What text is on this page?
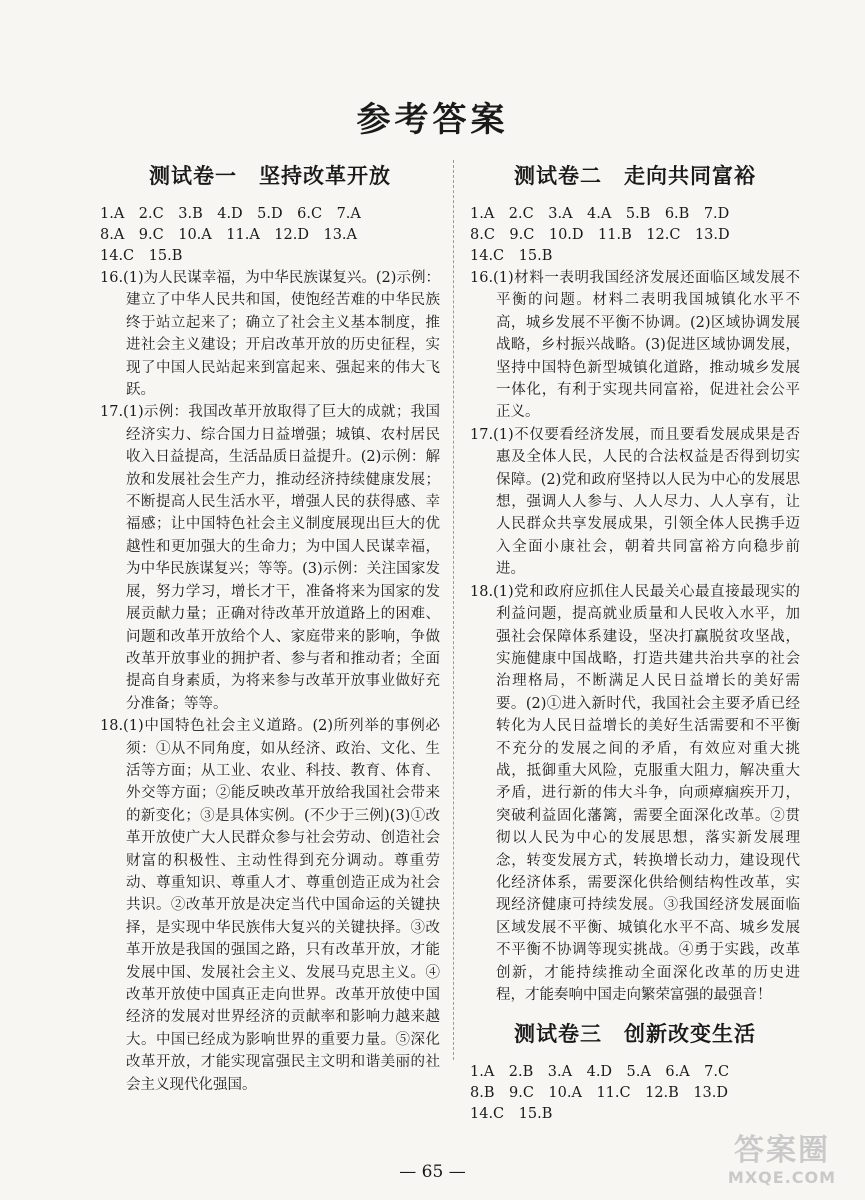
参考答案
测试卷一　坚持改革开放
1.A　2.C　3.B　4.D　5.D　6.C　7.A
8.A　9.C　10.A　11.A　12.D　13.A
14.C　15.B

16.(1)为人民谋幸福，为中华民族谋复兴。(2)示例：建立了中华人民共和国，使饱经苦难的中华民族终于站立起来了；确立了社会主义基本制度，推进社会主义建设；开启改革开放的历史征程，实现了中国人民站起来到富起来、强起来的伟大飞跃。

17.(1)示例：我国改革开放取得了巨大的成就；我国经济实力、综合国力日益增强；城镇、农村居民收入日益提高，生活品质日益提升。(2)示例：解放和发展社会生产力，推动经济持续健康发展；不断提高人民生活水平，增强人民的获得感、幸福感；让中国特色社会主义制度展现出巨大的优越性和更加强大的生命力；为中国人民谋幸福，为中华民族谋复兴；等等。(3)示例：关注国家发展，努力学习，增长才干，准备将来为国家的发展贡献力量；正确对待改革开放道路上的困难、问题和改革开放给个人、家庭带来的影响，争做改革开放事业的拥护者、参与者和推动者；全面提高自身素质，为将来参与改革开放事业做好充分准备；等等。

18.(1)中国特色社会主义道路。(2)所列举的事例必须：①从不同角度，如从经济、政治、文化、生活等方面；从工业、农业、科技、教育、体育、外交等方面；②能反映改革开放给我国社会带来的新变化；③是具体实例。(不少于三例)(3)①改革开放使广大人民群众参与社会劳动、创造社会财富的积极性、主动性得到充分调动。尊重劳动、尊重知识、尊重人才、尊重创造正成为社会共识。②改革开放是决定当代中国命运的关键抉择，是实现中华民族伟大复兴的关键抉择。③改革开放是我国的强国之路，只有改革开放，才能发展中国、发展社会主义、发展马克思主义。④改革开放使中国真正走向世界。改革开放使中国经济的发展对世界经济的贡献率和影响力越来越大。中国已经成为影响世界的重要力量。⑤深化改革开放，才能实现富强民主文明和谐美丽的社会主义现代化强国。

测试卷二　走向共同富裕
1.A　2.C　3.A　4.A　5.B　6.B　7.D
8.C　9.C　10.D　11.B　12.C　13.D
14.C　15.B

16.(1)材料一表明我国经济发展还面临区域发展不平衡的问题。材料二表明我国城镇化水平不高，城乡发展不平衡不协调。(2)区域协调发展战略，乡村振兴战略。(3)促进区域协调发展，坚持中国特色新型城镇化道路，推动城乡发展一体化，有利于实现共同富裕，促进社会公平正义。

17.(1)不仅要看经济发展，而且要看发展成果是否惠及全体人民，人民的合法权益是否得到切实保障。(2)党和政府坚持以人民为中心的发展思想，强调人人参与、人人尽力、人人享有，让人民群众共享发展成果，引领全体人民携手迈入全面小康社会，朝着共同富裕方向稳步前进。

18.(1)党和政府应抓住人民最关心最直接最现实的利益问题，提高就业质量和人民收入水平，加强社会保障体系建设，坚决打赢脱贫攻坚战，实施健康中国战略，打造共建共治共享的社会治理格局，不断满足人民日益增长的美好需要。(2)①进入新时代，我国社会主要矛盾已经转化为人民日益增长的美好生活需要和不平衡不充分的发展之间的矛盾，有效应对重大挑战，抵御重大风险，克服重大阻力，解决重大矛盾，进行新的伟大斗争，向顽瘴痼疾开刀，突破利益固化藩篱，需要全面深化改革。②贯彻以人民为中心的发展思想，落实新发展理念，转变发展方式，转换增长动力，建设现代化经济体系，需要深化供给侧结构性改革，实现经济健康可持续发展。③我国经济发展面临区域发展不平衡、城镇化水平不高、城乡发展不平衡不协调等现实挑战。④勇于实践，改革创新，才能持续推动全面深化改革的历史进程，才能奏响中国走向繁荣富强的最强音！

测试卷三　创新改变生活
1.A　2.B　3.A　4.D　5.A　6.A　7.C
8.B　9.C　10.A　11.C　12.B　13.D
14.C　15.B
— 65 —
答案圈
MXQE.COM
